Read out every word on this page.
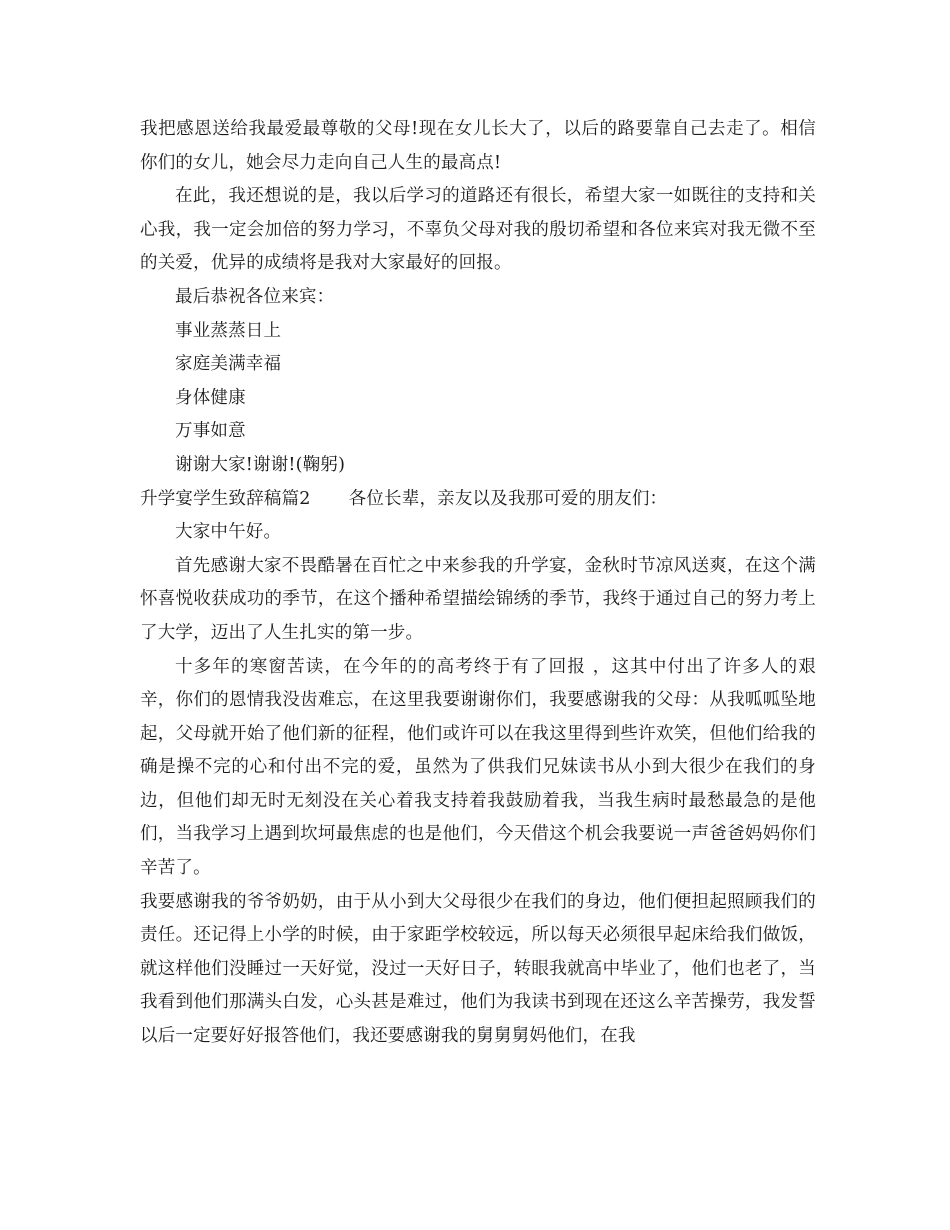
我把感恩送给我最爱最尊敬的父母!现在女儿长大了，以后的路要靠自己去走了。相信你们的女儿，她会尽力走向自己人生的最高点!

在此，我还想说的是，我以后学习的道路还有很长，希望大家一如既往的支持和关心我，我一定会加倍的努力学习，不辜负父母对我的殷切希望和各位来宾对我无微不至的关爱，优异的成绩将是我对大家最好的回报。

最后恭祝各位来宾：

事业蒸蒸日上

家庭美满幸福

身体健康

万事如意

谢谢大家!谢谢!(鞠躬)

升学宴学生致辞稿篇2 各位长辈，亲友以及我那可爱的朋友们：

大家中午好。

首先感谢大家不畏酷暑在百忙之中来参我的升学宴，金秋时节凉风送爽，在这个满怀喜悦收获成功的季节，在这个播种希望描绘锦绣的季节，我终于通过自己的努力考上了大学，迈出了人生扎实的第一步。

十多年的寒窗苦读，在今年的的高考终于有了回报 ，这其中付出了许多人的艰辛，你们的恩情我没齿难忘，在这里我要谢谢你们，我要感谢我的父母：从我呱呱坠地起，父母就开始了他们新的征程，他们或许可以在我这里得到些许欢笑，但他们给我的确是操不完的心和付出不完的爱，虽然为了供我们兄妹读书从小到大很少在我们的身边，但他们却无时无刻没在关心着我支持着我鼓励着我，当我生病时最愁最急的是他们，当我学习上遇到坎坷最焦虑的也是他们，今天借这个机会我要说一声爸爸妈妈你们辛苦了。

我要感谢我的爷爷奶奶，由于从小到大父母很少在我们的身边，他们便担起照顾我们的责任。还记得上小学的时候，由于家距学校较远，所以每天必须很早起床给我们做饭，就这样他们没睡过一天好觉，没过一天好日子，转眼我就高中毕业了，他们也老了，当我看到他们那满头白发，心头甚是难过，他们为我读书到现在还这么辛苦操劳，我发誓以后一定要好好报答他们，我还要感谢我的舅舅舅妈他们，在我
